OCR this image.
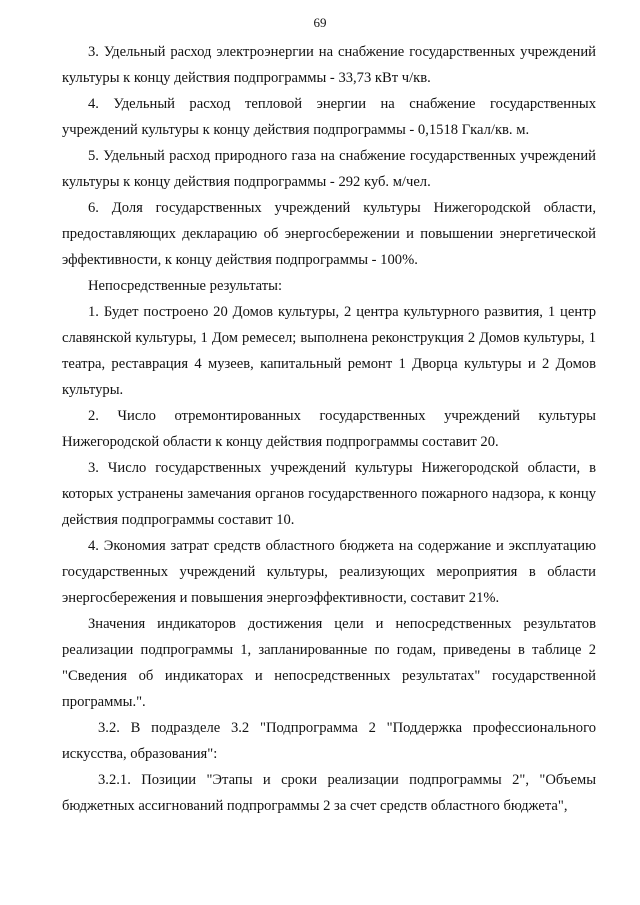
69

3. Удельный расход электроэнергии на снабжение государственных учреждений культуры к концу действия подпрограммы - 33,73 кВт ч/кв.

4. Удельный расход тепловой энергии на снабжение государственных учреждений культуры к концу действия подпрограммы - 0,1518 Гкал/кв. м.

5. Удельный расход природного газа на снабжение государственных учреждений культуры к концу действия подпрограммы - 292 куб. м/чел.

6. Доля государственных учреждений культуры Нижегородской области, предоставляющих декларацию об энергосбережении и повышении энергетической эффективности, к концу действия подпрограммы - 100%.

Непосредственные результаты:

1. Будет построено 20 Домов культуры, 2 центра культурного развития, 1 центр славянской культуры, 1 Дом ремесел; выполнена реконструкция 2 Домов культуры, 1 театра, реставрация 4 музеев, капитальный ремонт 1 Дворца культуры и 2 Домов культуры.

2. Число отремонтированных государственных учреждений культуры Нижегородской области к концу действия подпрограммы составит 20.

3. Число государственных учреждений культуры Нижегородской области, в которых устранены замечания органов государственного пожарного надзора, к концу действия подпрограммы составит 10.

4. Экономия затрат средств областного бюджета на содержание и эксплуатацию государственных учреждений культуры, реализующих мероприятия в области энергосбережения и повышения энергоэффективности, составит 21%.

Значения индикаторов достижения цели и непосредственных результатов реализации подпрограммы 1, запланированные по годам, приведены в таблице 2 "Сведения об индикаторах и непосредственных результатах" государственной программы.".

3.2. В подразделе 3.2 "Подпрограмма 2 "Поддержка профессионального искусства, образования":

3.2.1. Позиции "Этапы и сроки реализации подпрограммы 2", "Объемы бюджетных ассигнований подпрограммы 2 за счет средств областного бюджета",
